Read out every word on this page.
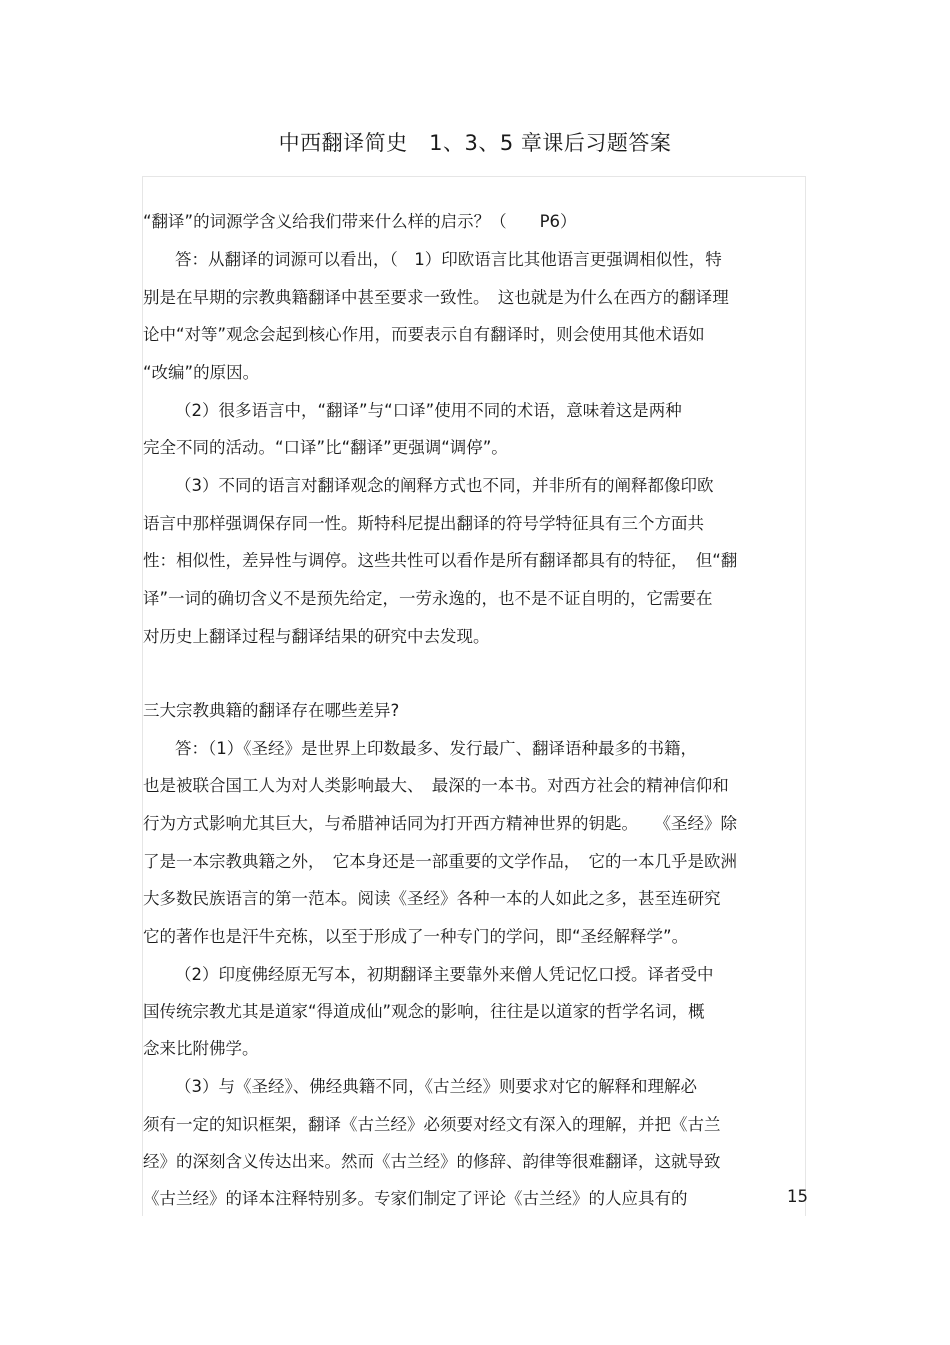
中西翻译简史　1、3、5 章课后习题答案

“翻译”的词源学含义给我们带来什么样的启示？（　　P6）

答：从翻译的词源可以看出，（　1）印欧语言比其他语言更强调相似性，特

别是在早期的宗教典籍翻译中甚至要求一致性。　这也就是为什么在西方的翻译理

论中“对等”观念会起到核心作用，而要表示自有翻译时，则会使用其他术语如

“改编”的原因。

（2）很多语言中，“翻译”与“口译”使用不同的术语，意味着这是两种

完全不同的活动。“口译”比“翻译”更强调“调停”。

（3）不同的语言对翻译观念的阐释方式也不同，并非所有的阐释都像印欧

语言中那样强调保存同一性。斯特科尼提出翻译的符号学特征具有三个方面共

性：相似性，差异性与调停。这些共性可以看作是所有翻译都具有的特征，　但“翻

译”一词的确切含义不是预先给定，一劳永逸的，也不是不证自明的，它需要在

对历史上翻译过程与翻译结果的研究中去发现。

三大宗教典籍的翻译存在哪些差异?

答：（1）《圣经》是世界上印数最多、发行最广、翻译语种最多的书籍，

也是被联合国工人为对人类影响最大、　最深的一本书。对西方社会的精神信仰和

行为方式影响尤其巨大，与希腊神话同为打开西方精神世界的钥匙。　　《圣经》除

了是一本宗教典籍之外，　它本身还是一部重要的文学作品，　它的一本几乎是欧洲

大多数民族语言的第一范本。阅读《圣经》各种一本的人如此之多，甚至连研究

它的著作也是汗牛充栋，以至于形成了一种专门的学问，即“圣经解释学”。

（2）印度佛经原无写本，初期翻译主要靠外来僧人凭记忆口授。译者受中

国传统宗教尤其是道家“得道成仙”观念的影响，往往是以道家的哲学名词，概

念来比附佛学。

（3）与《圣经》、佛经典籍不同，《古兰经》则要求对它的解释和理解必

须有一定的知识框架，翻译《古兰经》必须要对经文有深入的理解，并把《古兰

经》的深刻含义传达出来。然而《古兰经》的修辞、韵律等很难翻译，这就导致

《古兰经》的译本注释特别多。专家们制定了评论《古兰经》的人应具有的	15
